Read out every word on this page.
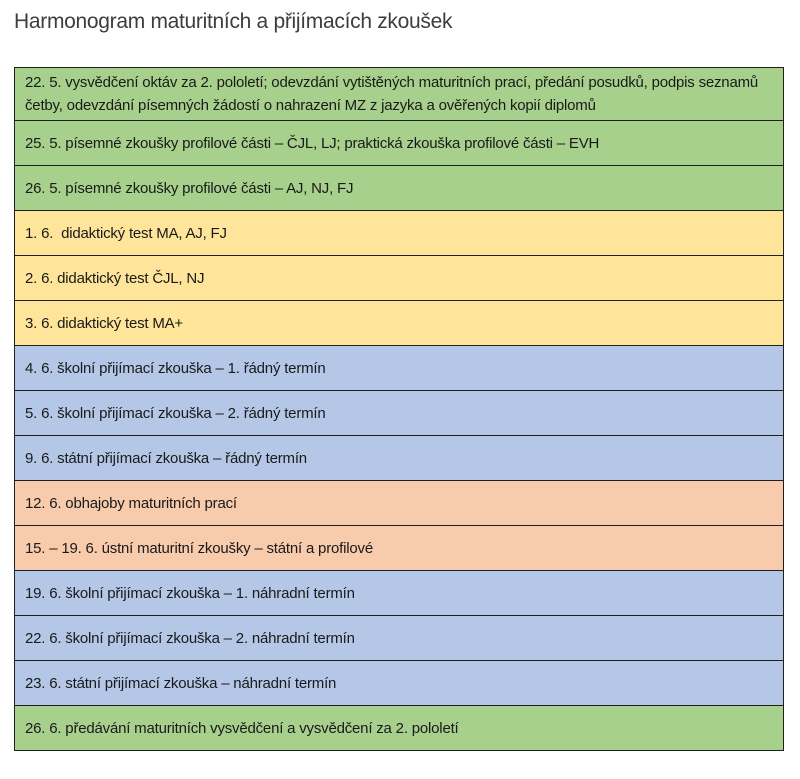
Harmonogram maturitních a přijímacích zkoušek
22. 5. vysvědčení oktáv za 2. pololetí; odevzdání vytištěných maturitních prací, předání posudků, podpis seznamů četby, odevzdání písemných žádostí o nahrazení MZ z jazyka a ověřených kopií diplomů
25. 5. písemné zkoušky profilové části – ČJL, LJ; praktická zkouška profilové části – EVH
26. 5. písemné zkoušky profilové části – AJ, NJ, FJ
1. 6.  didaktický test MA, AJ, FJ
2. 6. didaktický test ČJL, NJ
3. 6. didaktický test MA+
4. 6. školní přijímací zkouška – 1. řádný termín
5. 6. školní přijímací zkouška – 2. řádný termín
9. 6. státní přijímací zkouška – řádný termín
12. 6. obhajoby maturitních prací
15. – 19. 6. ústní maturitní zkoušky – státní a profilové
19. 6. školní přijímací zkouška – 1. náhradní termín
22. 6. školní přijímací zkouška – 2. náhradní termín
23. 6. státní přijímací zkouška – náhradní termín
26. 6. předávání maturitních vysvědčení a vysvědčení za 2. pololetí
